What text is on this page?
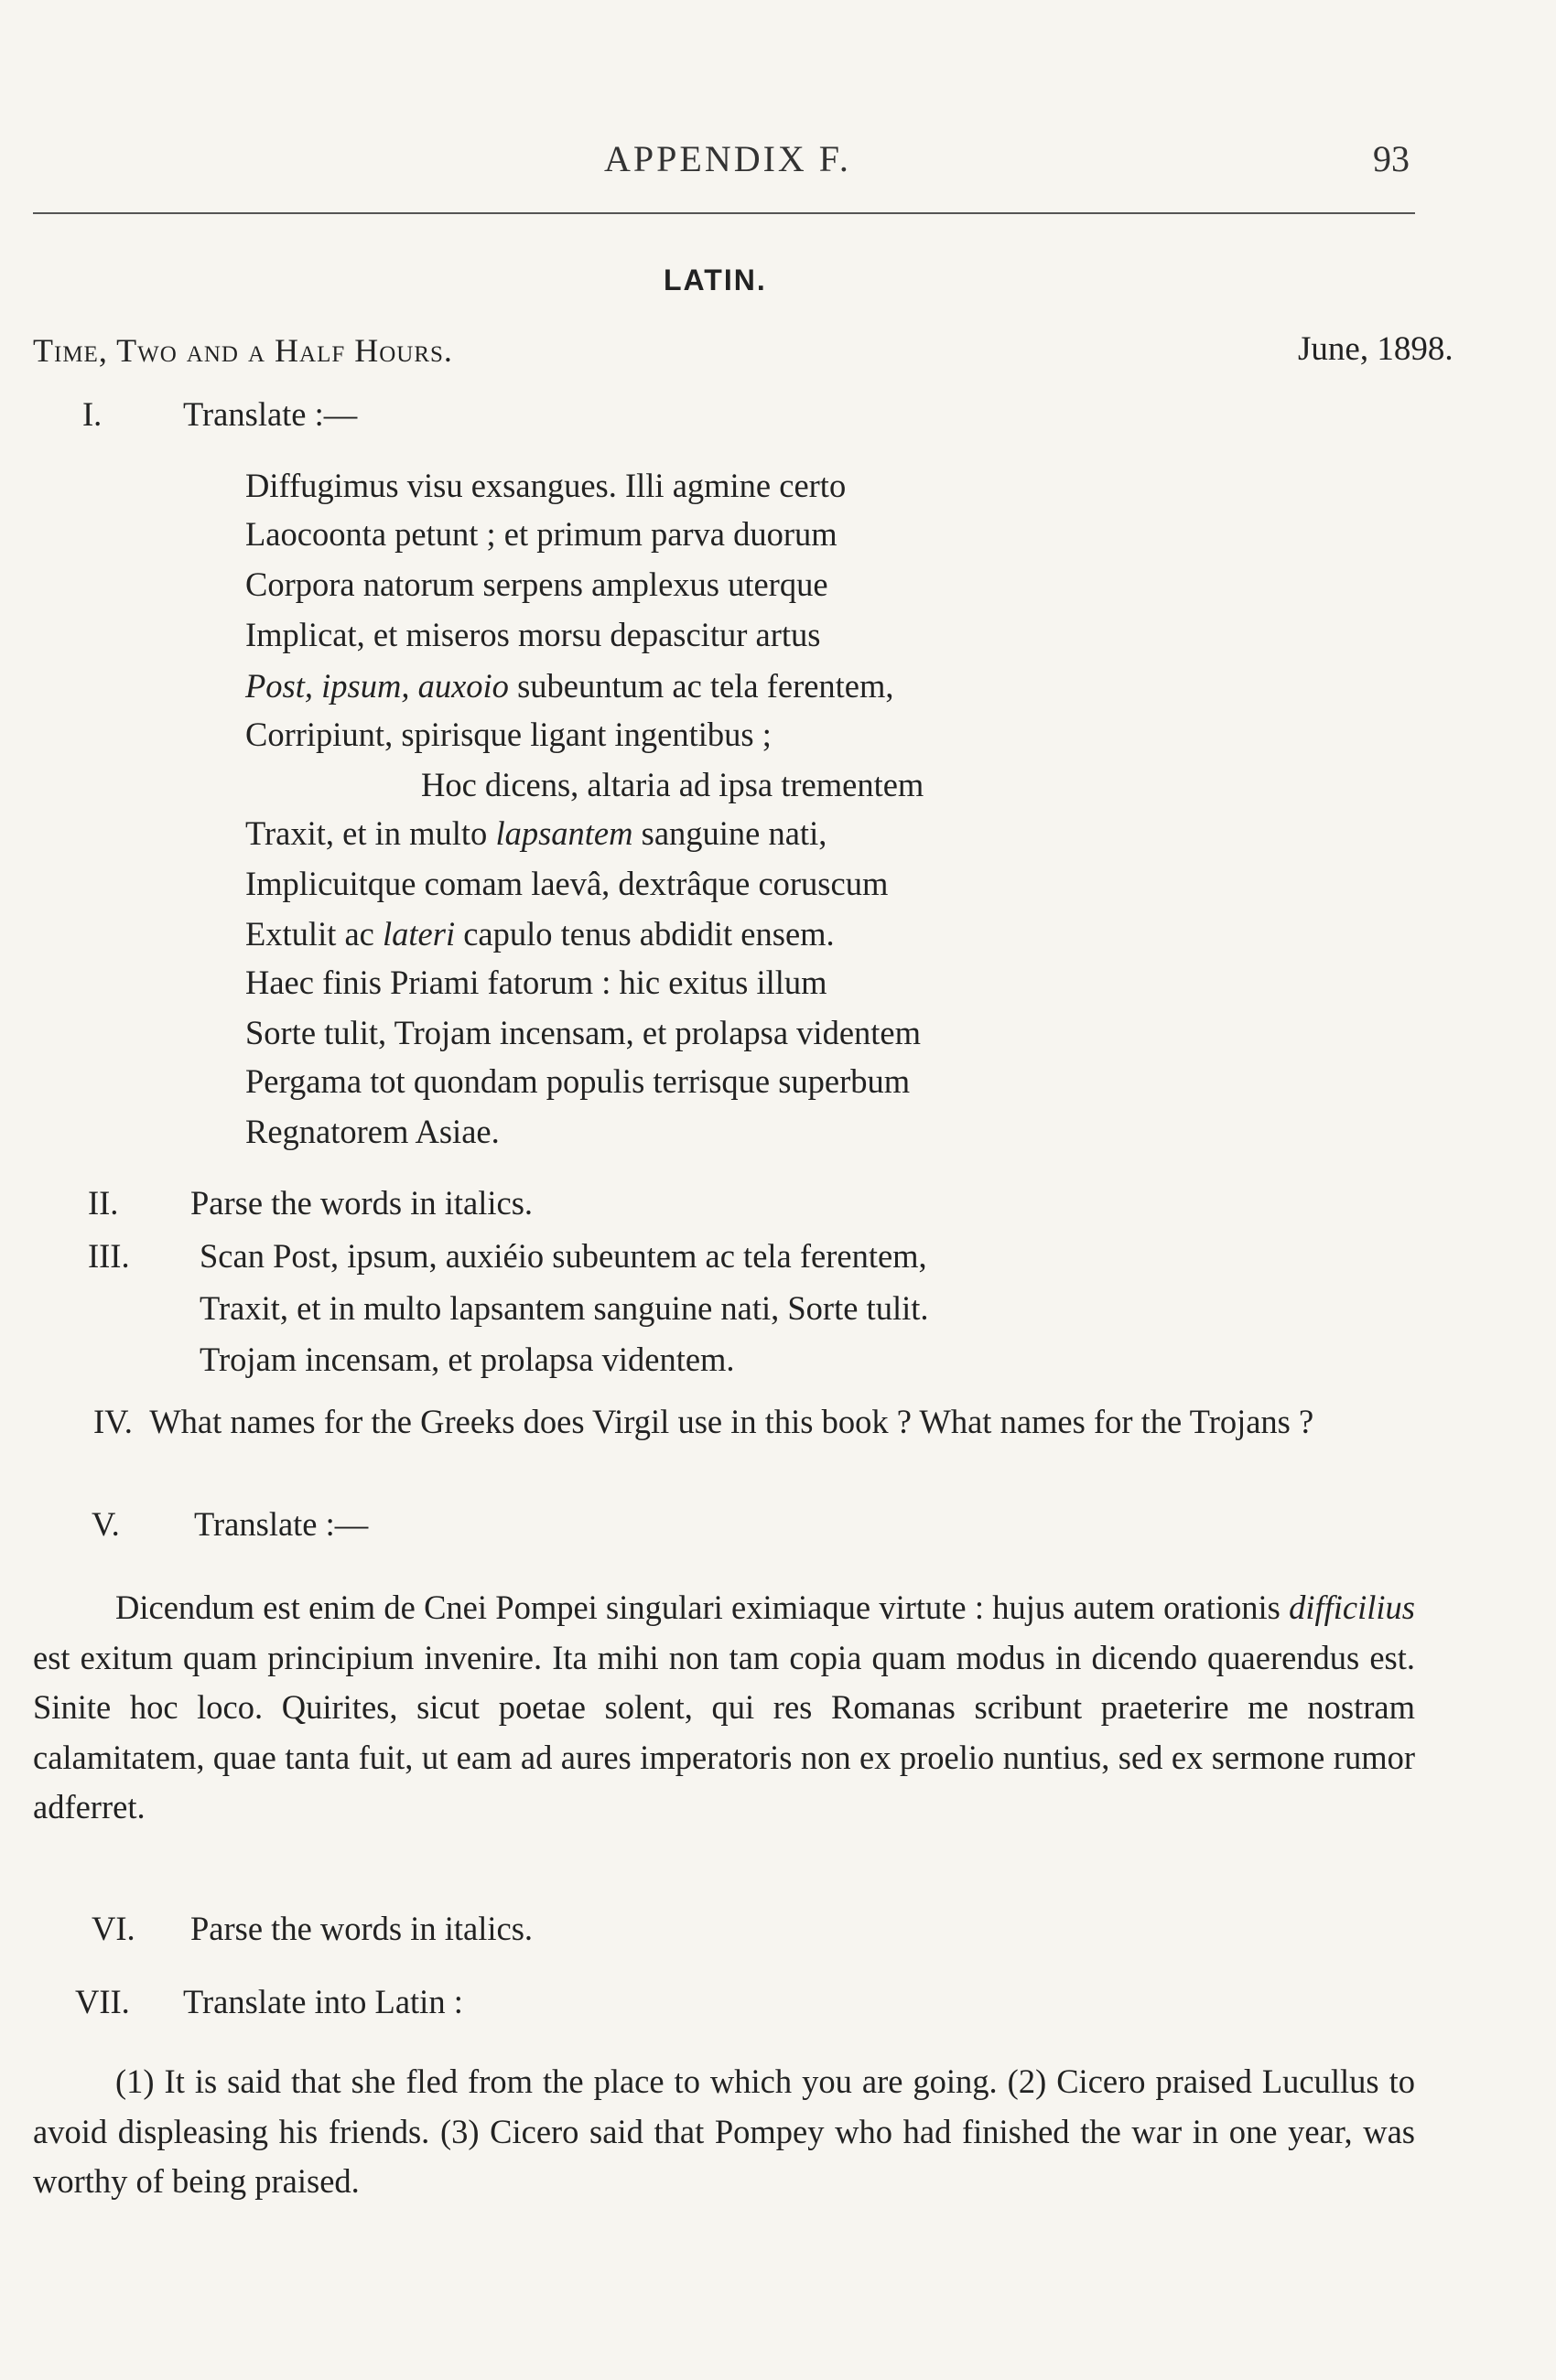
APPENDIX F.	93
LATIN.
Time, Two and a Half Hours.	June, 1898.
I. Translate :—
Diffugimus visu exsangues. Illi agmine certo
Laocoonta petunt ; et primum parva duorum
Corpora natorum serpens amplexus uterque
Implicat, et miseros morsu depascitur artus
Post, ipsum, auxoio subeuntum ac tela ferentem,
Corripiunt, spirisque ligant ingentibus ;
Hoc dicens, altaria ad ipsa trementem
Traxit, et in multo lapsantem sanguine nati,
Implicuitque comam laevâ, dextrâque coruscum
Extulit ac lateri capulo tenus abdidit ensem.
Haec finis Priami fatorum : hic exitus illum
Sorte tulit, Trojam incensam, et prolapsa videntem
Pergama tot quondam populis terrisque superbum
Regnatorem Asiae.
II. Parse the words in italics.
III. Scan Post, ipsum, auxiéio subeuntem ac tela ferentem,
Traxit, et in multo lapsantem sanguine nati, Sorte tulit.
Trojam incensam, et prolapsa videntem.
IV. What names for the Greeks does Virgil use in this book ? What names for the Trojans ?
V. Translate :—
Dicendum est enim de Cnei Pompei singulari eximiaque virtute : hujus autem orationis difficilius est exitum quam principium invenire. Ita mihi non tam copia quam modus in dicendo quaerendus est. Sinite hoc loco. Quirites, sicut poetae solent, qui res Romanas scribunt praeterire me nostram calamitatem, quae tanta fuit, ut eam ad aures imperatoris non ex proelio nuntius, sed ex sermone rumor adferret.
VI. Parse the words in italics.
VII. Translate into Latin :
(1) It is said that she fled from the place to which you are going. (2) Cicero praised Lucullus to avoid displeasing his friends. (3) Cicero said that Pompey who had finished the war in one year, was worthy of being praised.
